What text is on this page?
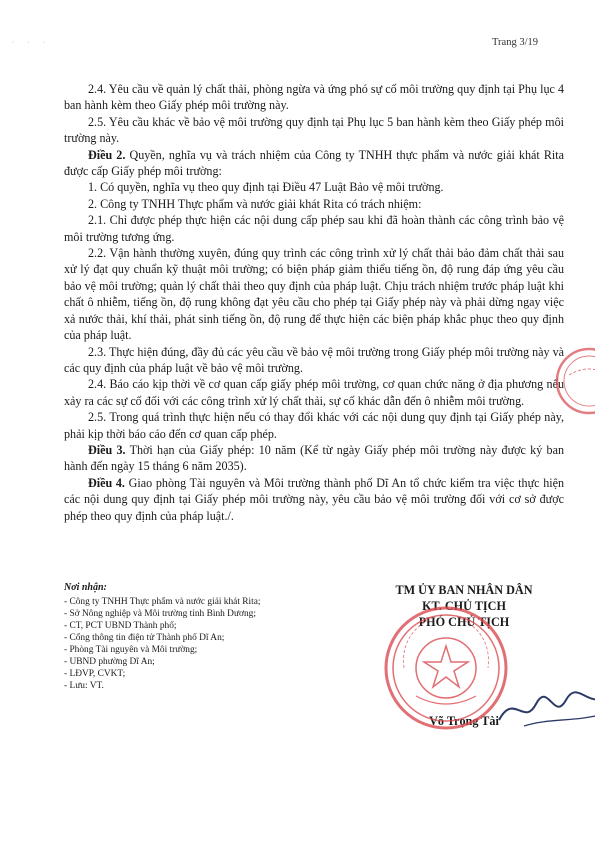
· · ·	Trang 3/19

2.4. Yêu cầu về quản lý chất thải, phòng ngừa và ứng phó sự cố môi trường quy định tại Phụ lục 4 ban hành kèm theo Giấy phép môi trường này.

2.5. Yêu cầu khác về bảo vệ môi trường quy định tại Phụ lục 5 ban hành kèm theo Giấy phép môi trường này.

Điều 2. Quyền, nghĩa vụ và trách nhiệm của Công ty TNHH thực phẩm và nước giải khát Rita được cấp Giấy phép môi trường:

1. Có quyền, nghĩa vụ theo quy định tại Điều 47 Luật Bảo vệ môi trường.

2. Công ty TNHH Thực phẩm và nước giải khát Rita có trách nhiệm:

2.1. Chỉ được phép thực hiện các nội dung cấp phép sau khi đã hoàn thành các công trình bảo vệ môi trường tương ứng.

2.2. Vận hành thường xuyên, đúng quy trình các công trình xử lý chất thải bảo đảm chất thải sau xử lý đạt quy chuẩn kỹ thuật môi trường; có biện pháp giảm thiểu tiếng ồn, độ rung đáp ứng yêu cầu bảo vệ môi trường; quản lý chất thải theo quy định của pháp luật. Chịu trách nhiệm trước pháp luật khi chất ô nhiễm, tiếng ồn, độ rung không đạt yêu cầu cho phép tại Giấy phép này và phải dừng ngay việc xả nước thải, khí thải, phát sinh tiếng ồn, độ rung để thực hiện các biện pháp khắc phục theo quy định của pháp luật.

2.3. Thực hiện đúng, đầy đủ các yêu cầu về bảo vệ môi trường trong Giấy phép môi trường này và các quy định của pháp luật về bảo vệ môi trường.

2.4. Báo cáo kịp thời về cơ quan cấp giấy phép môi trường, cơ quan chức năng ở địa phương nếu xảy ra các sự cố đối với các công trình xử lý chất thải, sự cố khác dẫn đến ô nhiễm môi trường.

2.5. Trong quá trình thực hiện nếu có thay đổi khác với các nội dung quy định tại Giấy phép này, phải kịp thời báo cáo đến cơ quan cấp phép.

Điều 3. Thời hạn của Giấy phép: 10 năm (Kể từ ngày Giấy phép môi trường này được ký ban hành đến ngày 15 tháng 6 năm 2035).

Điều 4. Giao phòng Tài nguyên và Môi trường thành phố Dĩ An tổ chức kiểm tra việc thực hiện các nội dung quy định tại Giấy phép môi trường này, yêu cầu bảo vệ môi trường đối với cơ sở được phép theo quy định của pháp luật./.

Nơi nhận:
- Công ty TNHH Thực phẩm và nước giải khát Rita;
- Sở Nông nghiệp và Môi trường tỉnh Bình Dương;
- CT, PCT UBND Thành phố;
- Cổng thông tin điện tử Thành phố Dĩ An;
- Phòng Tài nguyên và Môi trường;
- UBND phường Dĩ An;
- LĐVP, CVKT;
- Lưu: VT.
TM ỦY BAN NHÂN DÂN
KT. CHỦ TỊCH
PHÓ CHỦ TỊCH
Võ Trọng Tài
